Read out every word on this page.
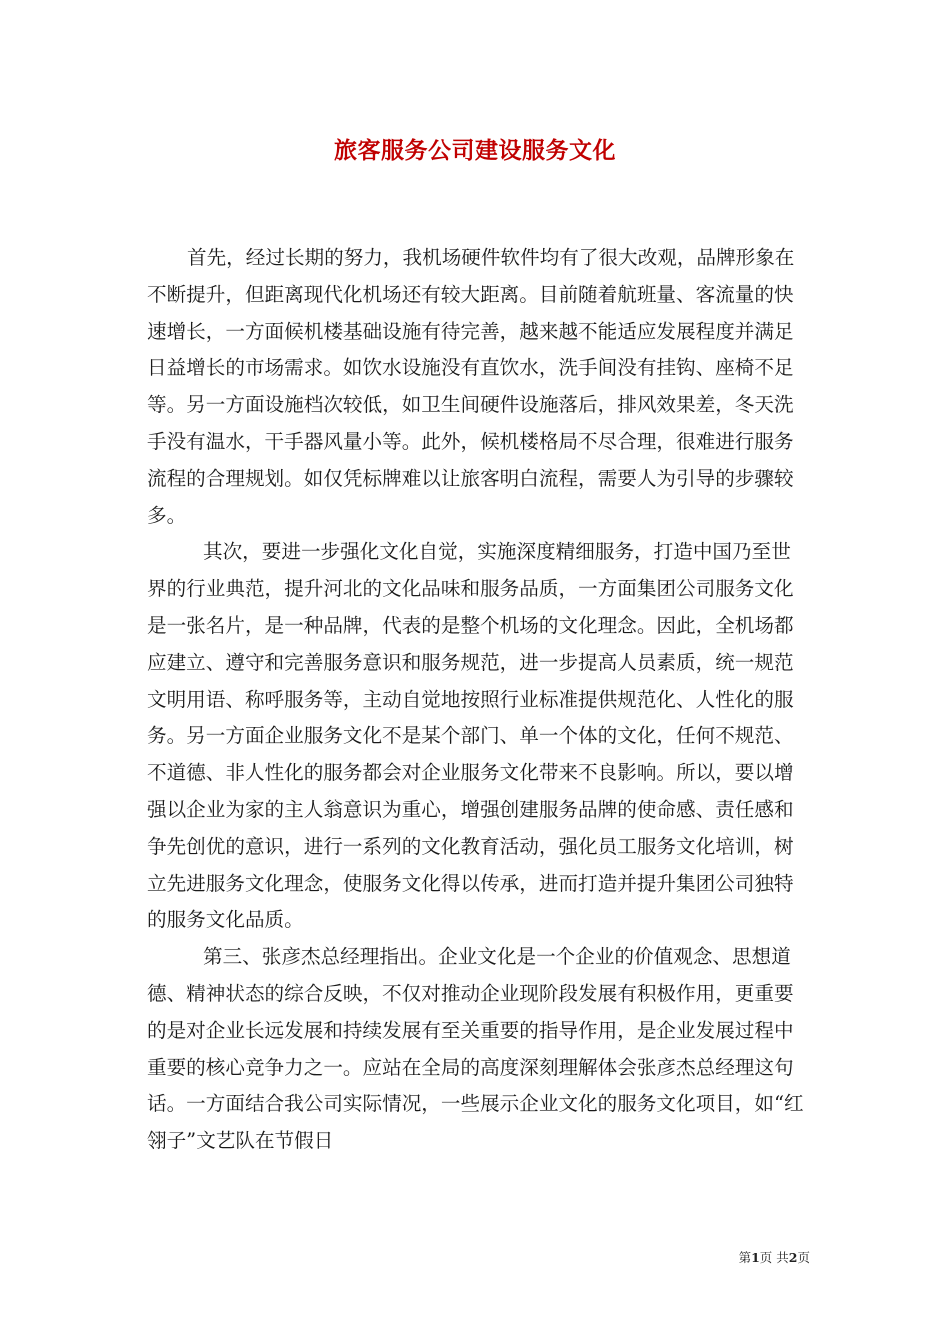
旅客服务公司建设服务文化

首先，经过长期的努力，我机场硬件软件均有了很大改观，品牌形象在不断提升，但距离现代化机场还有较大距离。目前随着航班量、客流量的快速增长，一方面候机楼基础设施有待完善，越来越不能适应发展程度并满足日益增长的市场需求。如饮水设施没有直饮水，洗手间没有挂钩、座椅不足等。另一方面设施档次较低，如卫生间硬件设施落后，排风效果差，冬天洗手没有温水，干手器风量小等。此外，候机楼格局不尽合理，很难进行服务流程的合理规划。如仅凭标牌难以让旅客明白流程，需要人为引导的步骤较多。

其次，要进一步强化文化自觉，实施深度精细服务，打造中国乃至世界的行业典范，提升河北的文化品味和服务品质，一方面集团公司服务文化是一张名片，是一种品牌，代表的是整个机场的文化理念。因此，全机场都应建立、遵守和完善服务意识和服务规范，进一步提高人员素质，统一规范文明用语、称呼服务等，主动自觉地按照行业标准提供规范化、人性化的服务。另一方面企业服务文化不是某个部门、单一个体的文化，任何不规范、不道德、非人性化的服务都会对企业服务文化带来不良影响。所以，要以增强以企业为家的主人翁意识为重心，增强创建服务品牌的使命感、责任感和争先创优的意识，进行一系列的文化教育活动，强化员工服务文化培训，树立先进服务文化理念，使服务文化得以传承，进而打造并提升集团公司独特的服务文化品质。

第三、张彦杰总经理指出。企业文化是一个企业的价值观念、思想道德、精神状态的综合反映，不仅对推动企业现阶段发展有积极作用，更重要的是对企业长远发展和持续发展有至关重要的指导作用，是企业发展过程中重要的核心竞争力之一。应站在全局的高度深刻理解体会张彦杰总经理这句话。一方面结合我公司实际情况，一些展示企业文化的服务文化项目，如“红翎子”文艺队在节假日

第1页 共2页
